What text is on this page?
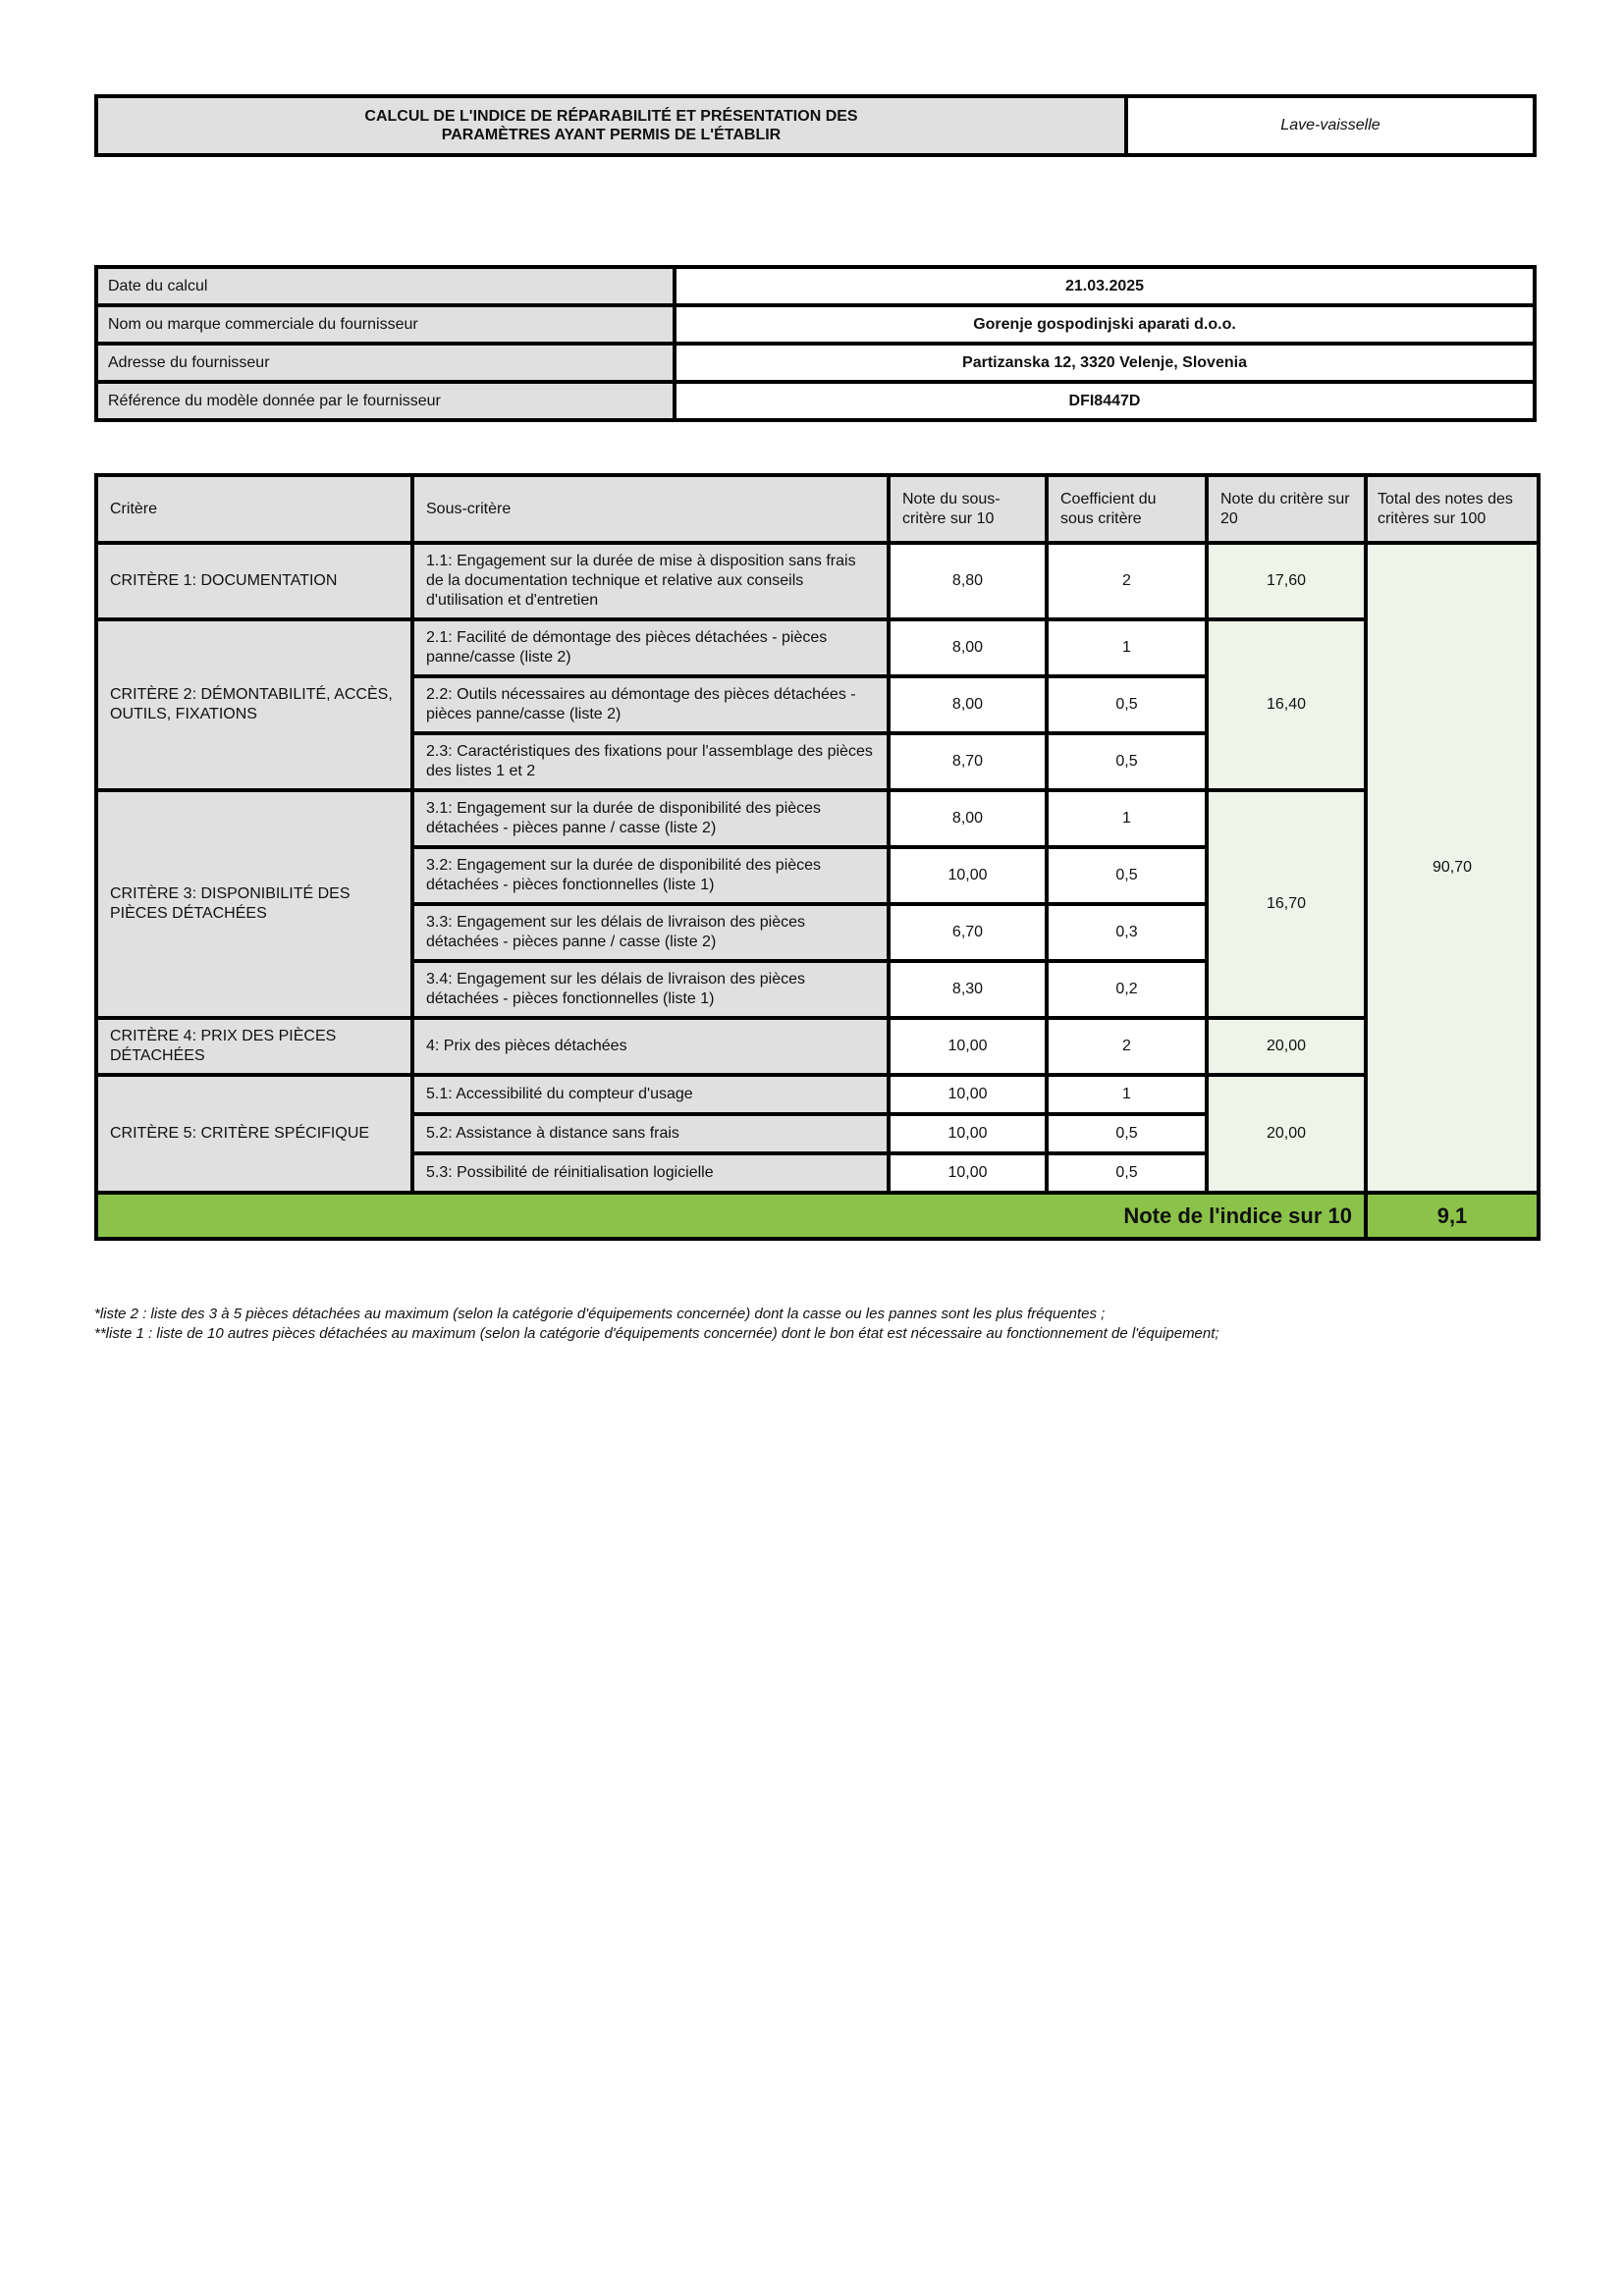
CALCUL DE L'INDICE DE RÉPARABILITÉ ET PRÉSENTATION DES
PARAMÈTRES AYANT PERMIS DE L'ÉTABLIR
	Lave-vaisselle
Date du calcul	21.03.2025
Nom ou marque commerciale du fournisseur	Gorenje gospodinjski aparati d.o.o.
Adresse du fournisseur	Partizanska 12, 3320 Velenje, Slovenia
Référence du modèle donnée par le fournisseur	DFI8447D
Critère	Sous-critère	Note du sous-critère sur 10	Coefficient du sous critère	Note du critère sur 20	Total des notes des critères sur 100
CRITÈRE 1: DOCUMENTATION	1.1: Engagement sur la durée de mise à disposition sans frais de la documentation technique et relative aux conseils d'utilisation et d'entretien	8,80	2	17,60	90,70
CRITÈRE 2: DÉMONTABILITÉ, ACCÈS, OUTILS, FIXATIONS	2.1: Facilité de démontage des pièces détachées - pièces panne/casse (liste 2)	8,00	1	16,40	
	2.2: Outils nécessaires au démontage des pièces détachées - pièces panne/casse (liste 2)	8,00	0,5		
	2.3: Caractéristiques des fixations pour l'assemblage des pièces des listes 1 et 2	8,70	0,5		
CRITÈRE 3: DISPONIBILITÉ DES PIÈCES DÉTACHÉES	3.1: Engagement sur la durée de disponibilité des pièces détachées - pièces panne / casse (liste 2)	8,00	1	16,70	
	3.2: Engagement sur la durée de disponibilité des pièces détachées - pièces fonctionnelles (liste 1)	10,00	0,5		
	3.3: Engagement sur les délais de livraison des pièces détachées - pièces panne / casse (liste 2)	6,70	0,3		
	3.4: Engagement sur les délais de livraison des pièces détachées - pièces fonctionnelles (liste 1)	8,30	0,2		
CRITÈRE 4: PRIX DES PIÈCES DÉTACHÉES	4: Prix des pièces détachées	10,00	2	20,00	
CRITÈRE 5: CRITÈRE SPÉCIFIQUE	5.1: Accessibilité du compteur d'usage	10,00	1	20,00	
	5.2: Assistance à distance sans frais	10,00	0,5		
	5.3: Possibilité de réinitialisation logicielle	10,00	0,5		
Note de l'indice sur 10					9,1
*liste 2 : liste des 3 à 5 pièces détachées au maximum (selon la catégorie d'équipements concernée) dont la casse ou les pannes sont les plus fréquentes ;
**liste 1 : liste de 10 autres pièces détachées au maximum (selon la catégorie d'équipements concernée) dont le bon état est nécessaire au fonctionnement de l'équipement;
